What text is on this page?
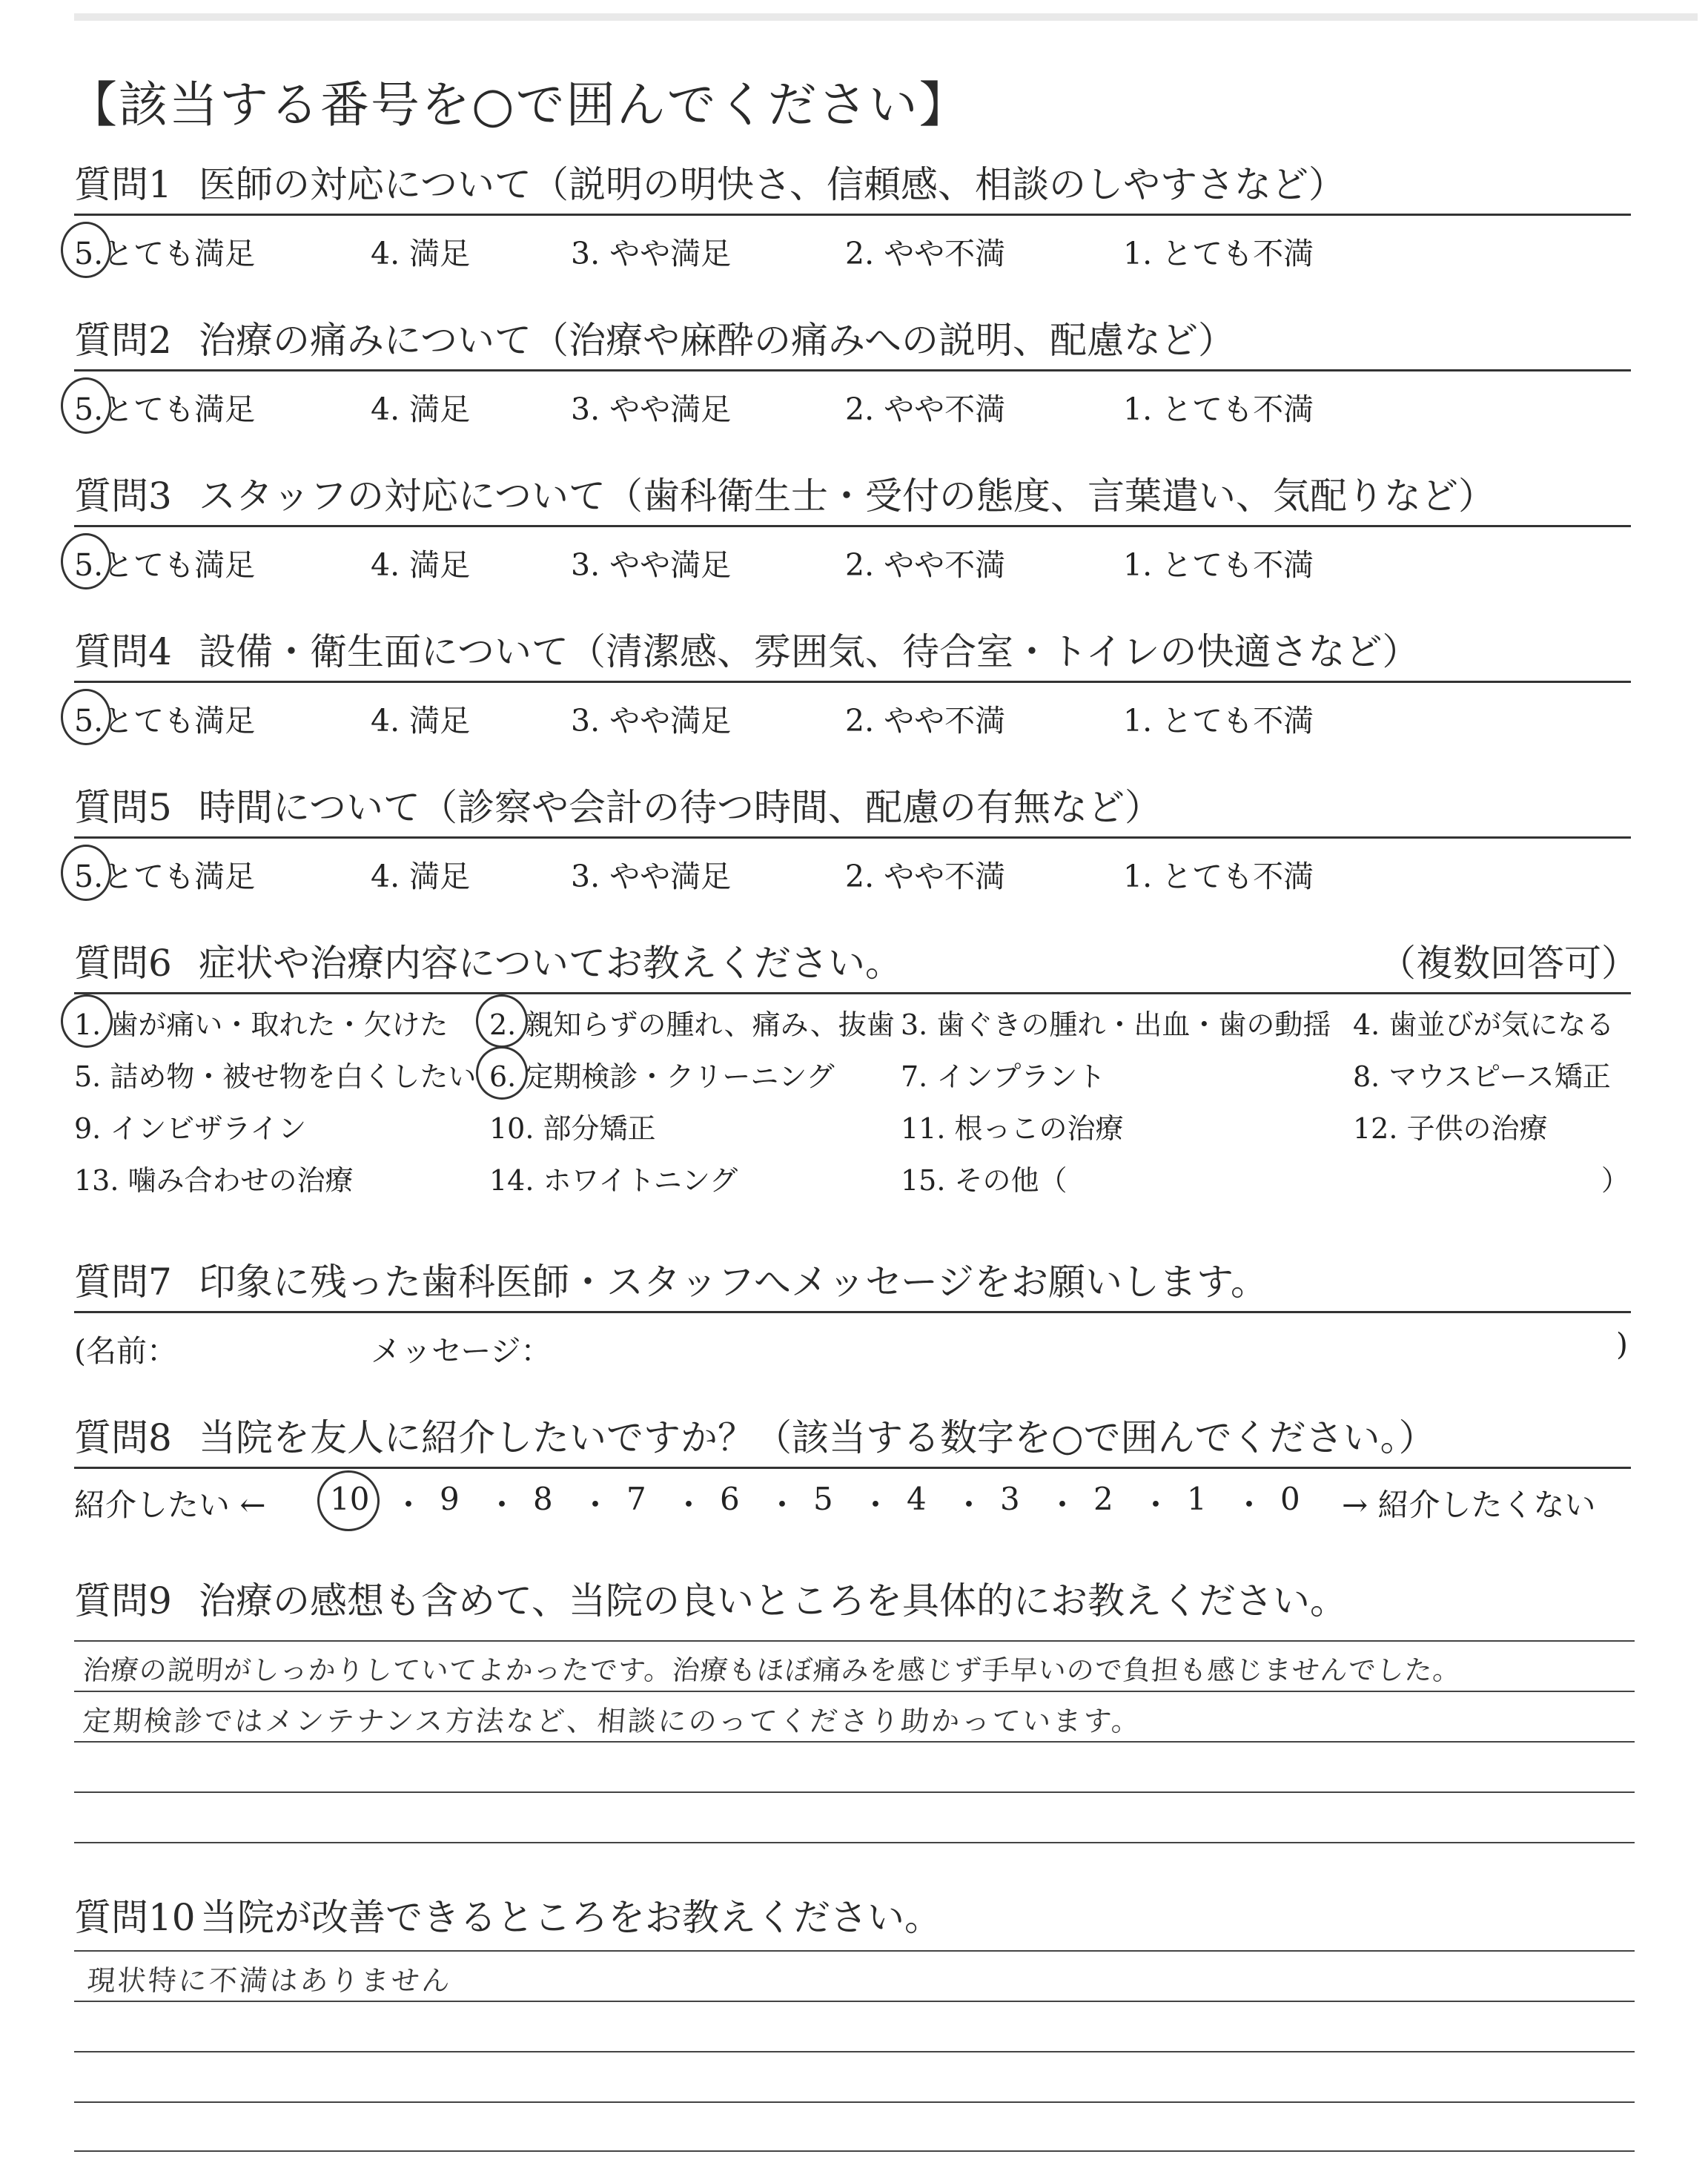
【該当する番号を○で囲んでください】
質問1 医師の対応について（説明の明快さ、信頼感、相談のしやすさなど）
5.とても満足	4. 満足	3. やや満足	2. やや不満	1. とても不満
質問2 治療の痛みについて（治療や麻酔の痛みへの説明、配慮など）
5.とても満足	4. 満足	3. やや満足	2. やや不満	1. とても不満
質問3 スタッフの対応について（歯科衛生士・受付の態度、言葉遣い、気配りなど）
5.とても満足	4. 満足	3. やや満足	2. やや不満	1. とても不満
質問4 設備・衛生面について（清潔感、雰囲気、待合室・トイレの快適さなど）
5.とても満足	4. 満足	3. やや満足	2. やや不満	1. とても不満
質問5 時間について（診察や会計の待つ時間、配慮の有無など）
5.とても満足	4. 満足	3. やや満足	2. やや不満	1. とても不満
質問6 症状や治療内容についてお教えください。	（複数回答可）
1. 歯が痛い・取れた・欠けた 2. 親知らずの腫れ、痛み、抜歯 3. 歯ぐきの腫れ・出血・歯の動揺 4. 歯並びが気になる
5. 詰め物・被せ物を白くしたい 6. 定期検診・クリーニング 7. インプラント	8. マウスピース矯正
9. インビザライン	10. 部分矯正	11. 根っこの治療	12. 子供の治療
13. 噛み合わせの治療	14. ホワイトニング	15. その他（	）
質問7 印象に残った歯科医師・スタッフへメッセージをお願いします。
(名前：	メッセージ：	)
質問8 当院を友人に紹介したいですか？（該当する数字を○で囲んでください。）
紹介したい ←	→ 紹介したくない
10 ・ 9 ・ 8 ・ 7 ・ 6 ・ 5 ・ 4 ・ 3 ・ 2 ・ 1 ・ 0
質問9 治療の感想も含めて、当院の良いところを具体的にお教えください。
治療の説明がしっかりしていてよかったです。治療もほぼ痛みを感じず手早いので負担も感じませんでした。
定期検診ではメンテナンス方法など、相談にのってくださり助かっています。
質問10 当院が改善できるところをお教えください。
現状特に不満はありません
